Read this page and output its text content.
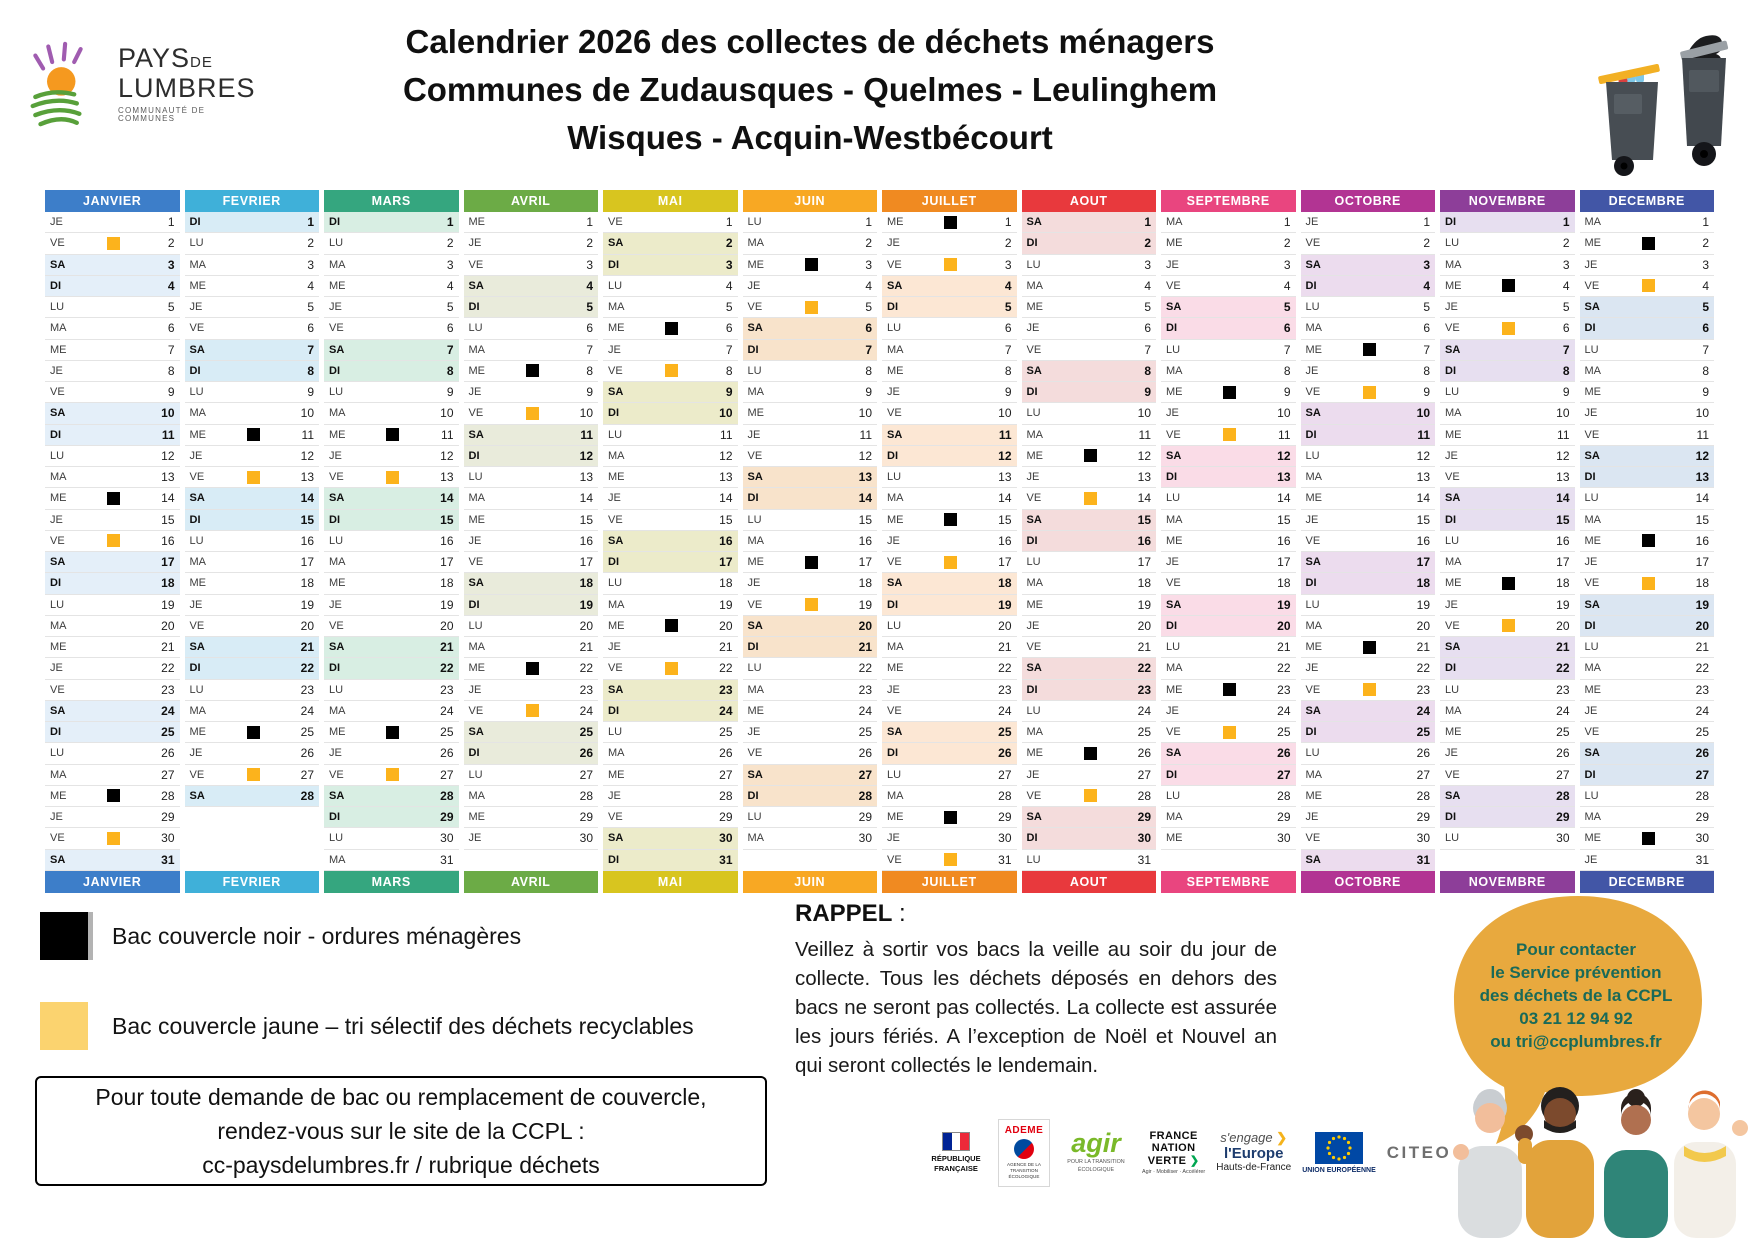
PAYSDE
LUMBRES
COMMUNAUTÉ DE COMMUNES
Calendrier 2026 des collectes de déchets ménagers
Communes de Zudausques - Quelmes - Leulinghem
Wisques - Acquin-Westbécourt
JANVIER
JE	1
VE	2
SA	3
DI	4
LU	5
MA	6
ME	7
JE	8
VE	9
SA	10
DI	11
LU	12
MA	13
ME	14
JE	15
VE	16
SA	17
DI	18
LU	19
MA	20
ME	21
JE	22
VE	23
SA	24
DI	25
LU	26
MA	27
ME	28
JE	29
VE	30
SA	31
JANVIER
FEVRIER
DI	1
LU	2
MA	3
ME	4
JE	5
VE	6
SA	7
DI	8
LU	9
MA	10
ME	11
JE	12
VE	13
SA	14
DI	15
LU	16
MA	17
ME	18
JE	19
VE	20
SA	21
DI	22
LU	23
MA	24
ME	25
JE	26
VE	27
SA	28
FEVRIER
MARS
DI	1
LU	2
MA	3
ME	4
JE	5
VE	6
SA	7
DI	8
LU	9
MA	10
ME	11
JE	12
VE	13
SA	14
DI	15
LU	16
MA	17
ME	18
JE	19
VE	20
SA	21
DI	22
LU	23
MA	24
ME	25
JE	26
VE	27
SA	28
DI	29
LU	30
MA	31
MARS
AVRIL
ME	1
JE	2
VE	3
SA	4
DI	5
LU	6
MA	7
ME	8
JE	9
VE	10
SA	11
DI	12
LU	13
MA	14
ME	15
JE	16
VE	17
SA	18
DI	19
LU	20
MA	21
ME	22
JE	23
VE	24
SA	25
DI	26
LU	27
MA	28
ME	29
JE	30
AVRIL
MAI
VE	1
SA	2
DI	3
LU	4
MA	5
ME	6
JE	7
VE	8
SA	9
DI	10
LU	11
MA	12
ME	13
JE	14
VE	15
SA	16
DI	17
LU	18
MA	19
ME	20
JE	21
VE	22
SA	23
DI	24
LU	25
MA	26
ME	27
JE	28
VE	29
SA	30
DI	31
MAI
JUIN
LU	1
MA	2
ME	3
JE	4
VE	5
SA	6
DI	7
LU	8
MA	9
ME	10
JE	11
VE	12
SA	13
DI	14
LU	15
MA	16
ME	17
JE	18
VE	19
SA	20
DI	21
LU	22
MA	23
ME	24
JE	25
VE	26
SA	27
DI	28
LU	29
MA	30
JUIN
JUILLET
ME	1
JE	2
VE	3
SA	4
DI	5
LU	6
MA	7
ME	8
JE	9
VE	10
SA	11
DI	12
LU	13
MA	14
ME	15
JE	16
VE	17
SA	18
DI	19
LU	20
MA	21
ME	22
JE	23
VE	24
SA	25
DI	26
LU	27
MA	28
ME	29
JE	30
VE	31
JUILLET
AOUT
SA	1
DI	2
LU	3
MA	4
ME	5
JE	6
VE	7
SA	8
DI	9
LU	10
MA	11
ME	12
JE	13
VE	14
SA	15
DI	16
LU	17
MA	18
ME	19
JE	20
VE	21
SA	22
DI	23
LU	24
MA	25
ME	26
JE	27
VE	28
SA	29
DI	30
LU	31
AOUT
SEPTEMBRE
MA	1
ME	2
JE	3
VE	4
SA	5
DI	6
LU	7
MA	8
ME	9
JE	10
VE	11
SA	12
DI	13
LU	14
MA	15
ME	16
JE	17
VE	18
SA	19
DI	20
LU	21
MA	22
ME	23
JE	24
VE	25
SA	26
DI	27
LU	28
MA	29
ME	30
SEPTEMBRE
OCTOBRE
JE	1
VE	2
SA	3
DI	4
LU	5
MA	6
ME	7
JE	8
VE	9
SA	10
DI	11
LU	12
MA	13
ME	14
JE	15
VE	16
SA	17
DI	18
LU	19
MA	20
ME	21
JE	22
VE	23
SA	24
DI	25
LU	26
MA	27
ME	28
JE	29
VE	30
SA	31
OCTOBRE
NOVEMBRE
DI	1
LU	2
MA	3
ME	4
JE	5
VE	6
SA	7
DI	8
LU	9
MA	10
ME	11
JE	12
VE	13
SA	14
DI	15
LU	16
MA	17
ME	18
JE	19
VE	20
SA	21
DI	22
LU	23
MA	24
ME	25
JE	26
VE	27
SA	28
DI	29
LU	30
NOVEMBRE
DECEMBRE
MA	1
ME	2
JE	3
VE	4
SA	5
DI	6
LU	7
MA	8
ME	9
JE	10
VE	11
SA	12
DI	13
LU	14
MA	15
ME	16
JE	17
VE	18
SA	19
DI	20
LU	21
MA	22
ME	23
JE	24
VE	25
SA	26
DI	27
LU	28
MA	29
ME	30
JE	31
DECEMBRE
Bac couvercle noir - ordures ménagères
Bac couvercle jaune – tri sélectif des déchets recyclables
RAPPEL :
Veillez à sortir vos bacs la veille au soir du jour de collecte. Tous les déchets déposés en dehors des bacs ne seront pas collectés. La collecte est assurée les jours fériés. A l’exception de Noël et Nouvel an qui seront collectés le lendemain.
Pour toute demande de bac ou remplacement de couvercle,
rendez-vous sur le site de la CCPL :
cc-paysdelumbres.fr / rubrique déchets	RÉPUBLIQUE FRANÇAISE
ADEME
AGENCE DE LA TRANSITION ÉCOLOGIQUE
agir
POUR LA TRANSITION ÉCOLOGIQUE
FRANCE
NATION
VERTE ❯
Agir · Mobiliser · Accélérer
s'engage ❯
l'Europe
Hauts-de-France UNION EUROPÉENNE
CITEO
Pour contacter
le Service prévention
des déchets de la CCPL
03 21 12 94 92
ou tri@ccplumbres.fr
